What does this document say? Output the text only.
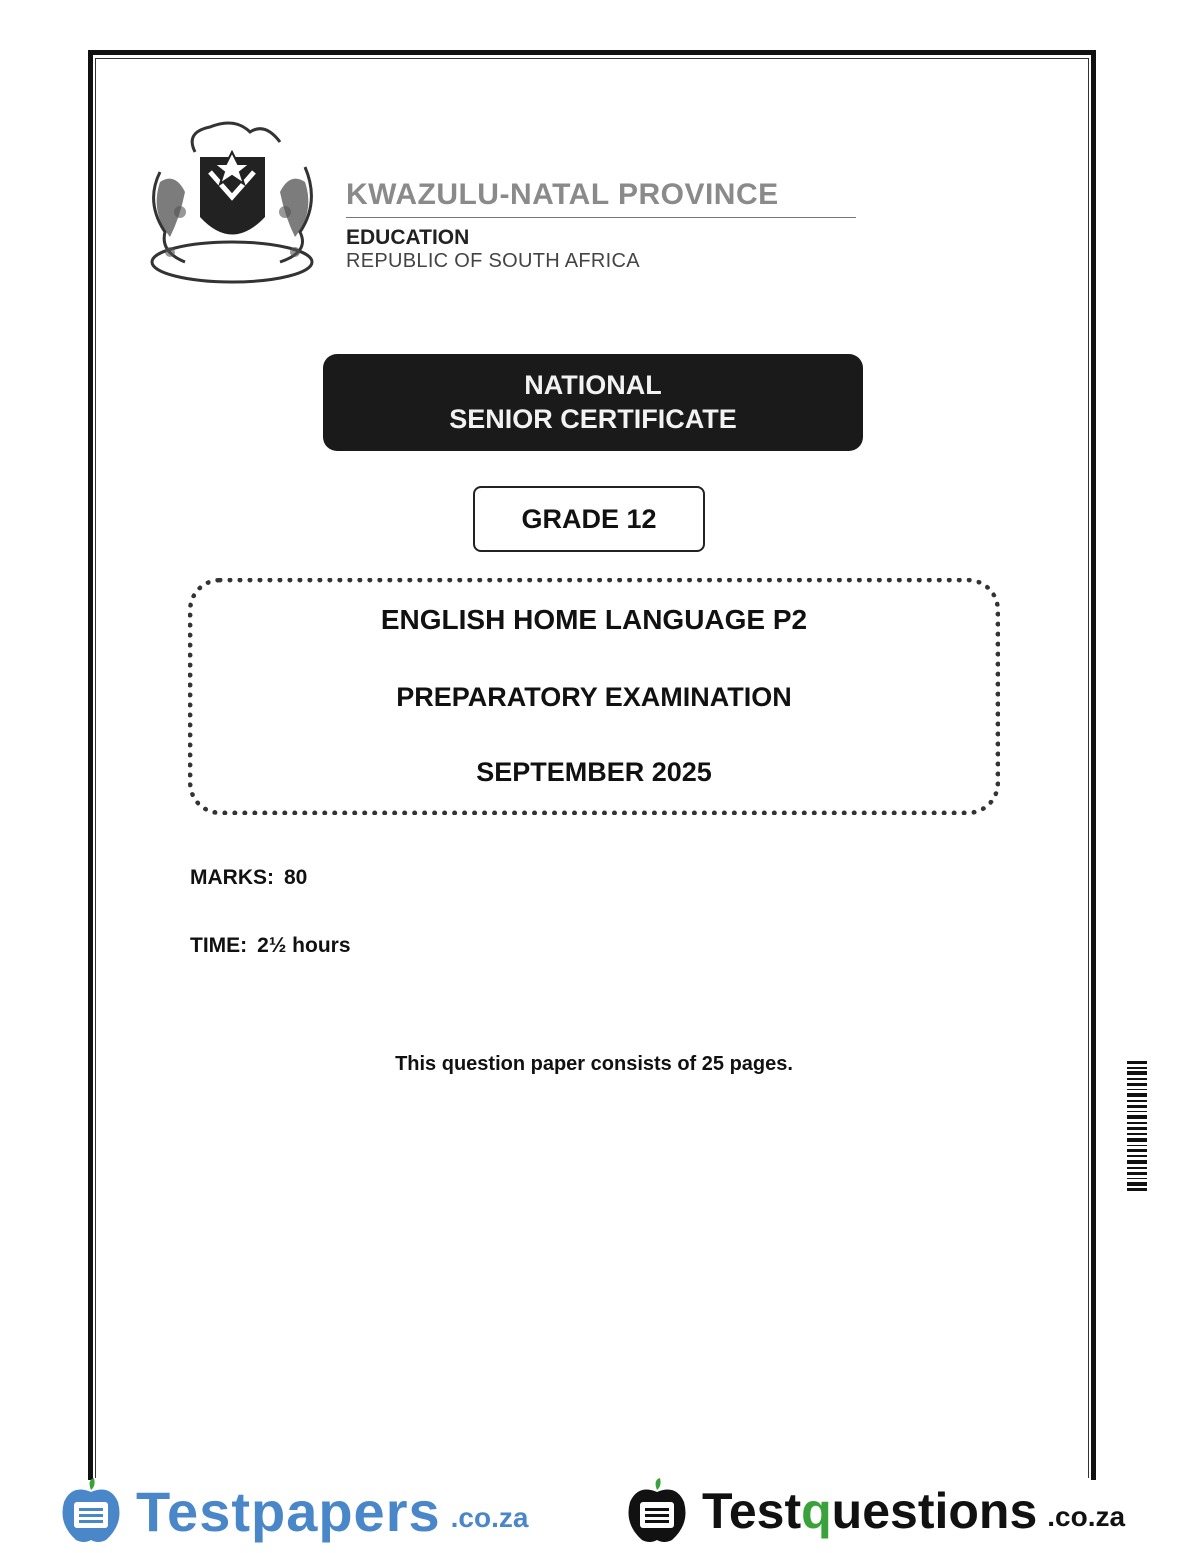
KWAZULU-NATAL PROVINCE
EDUCATION
REPUBLIC OF SOUTH AFRICA
NATIONAL
SENIOR CERTIFICATE
GRADE 12
ENGLISH HOME LANGUAGE P2
PREPARATORY EXAMINATION
SEPTEMBER 2025
MARKS: 80
TIME: 2½ hours
This question paper consists of 25 pages.
Testpapers .co.za	Testquestions .co.za
